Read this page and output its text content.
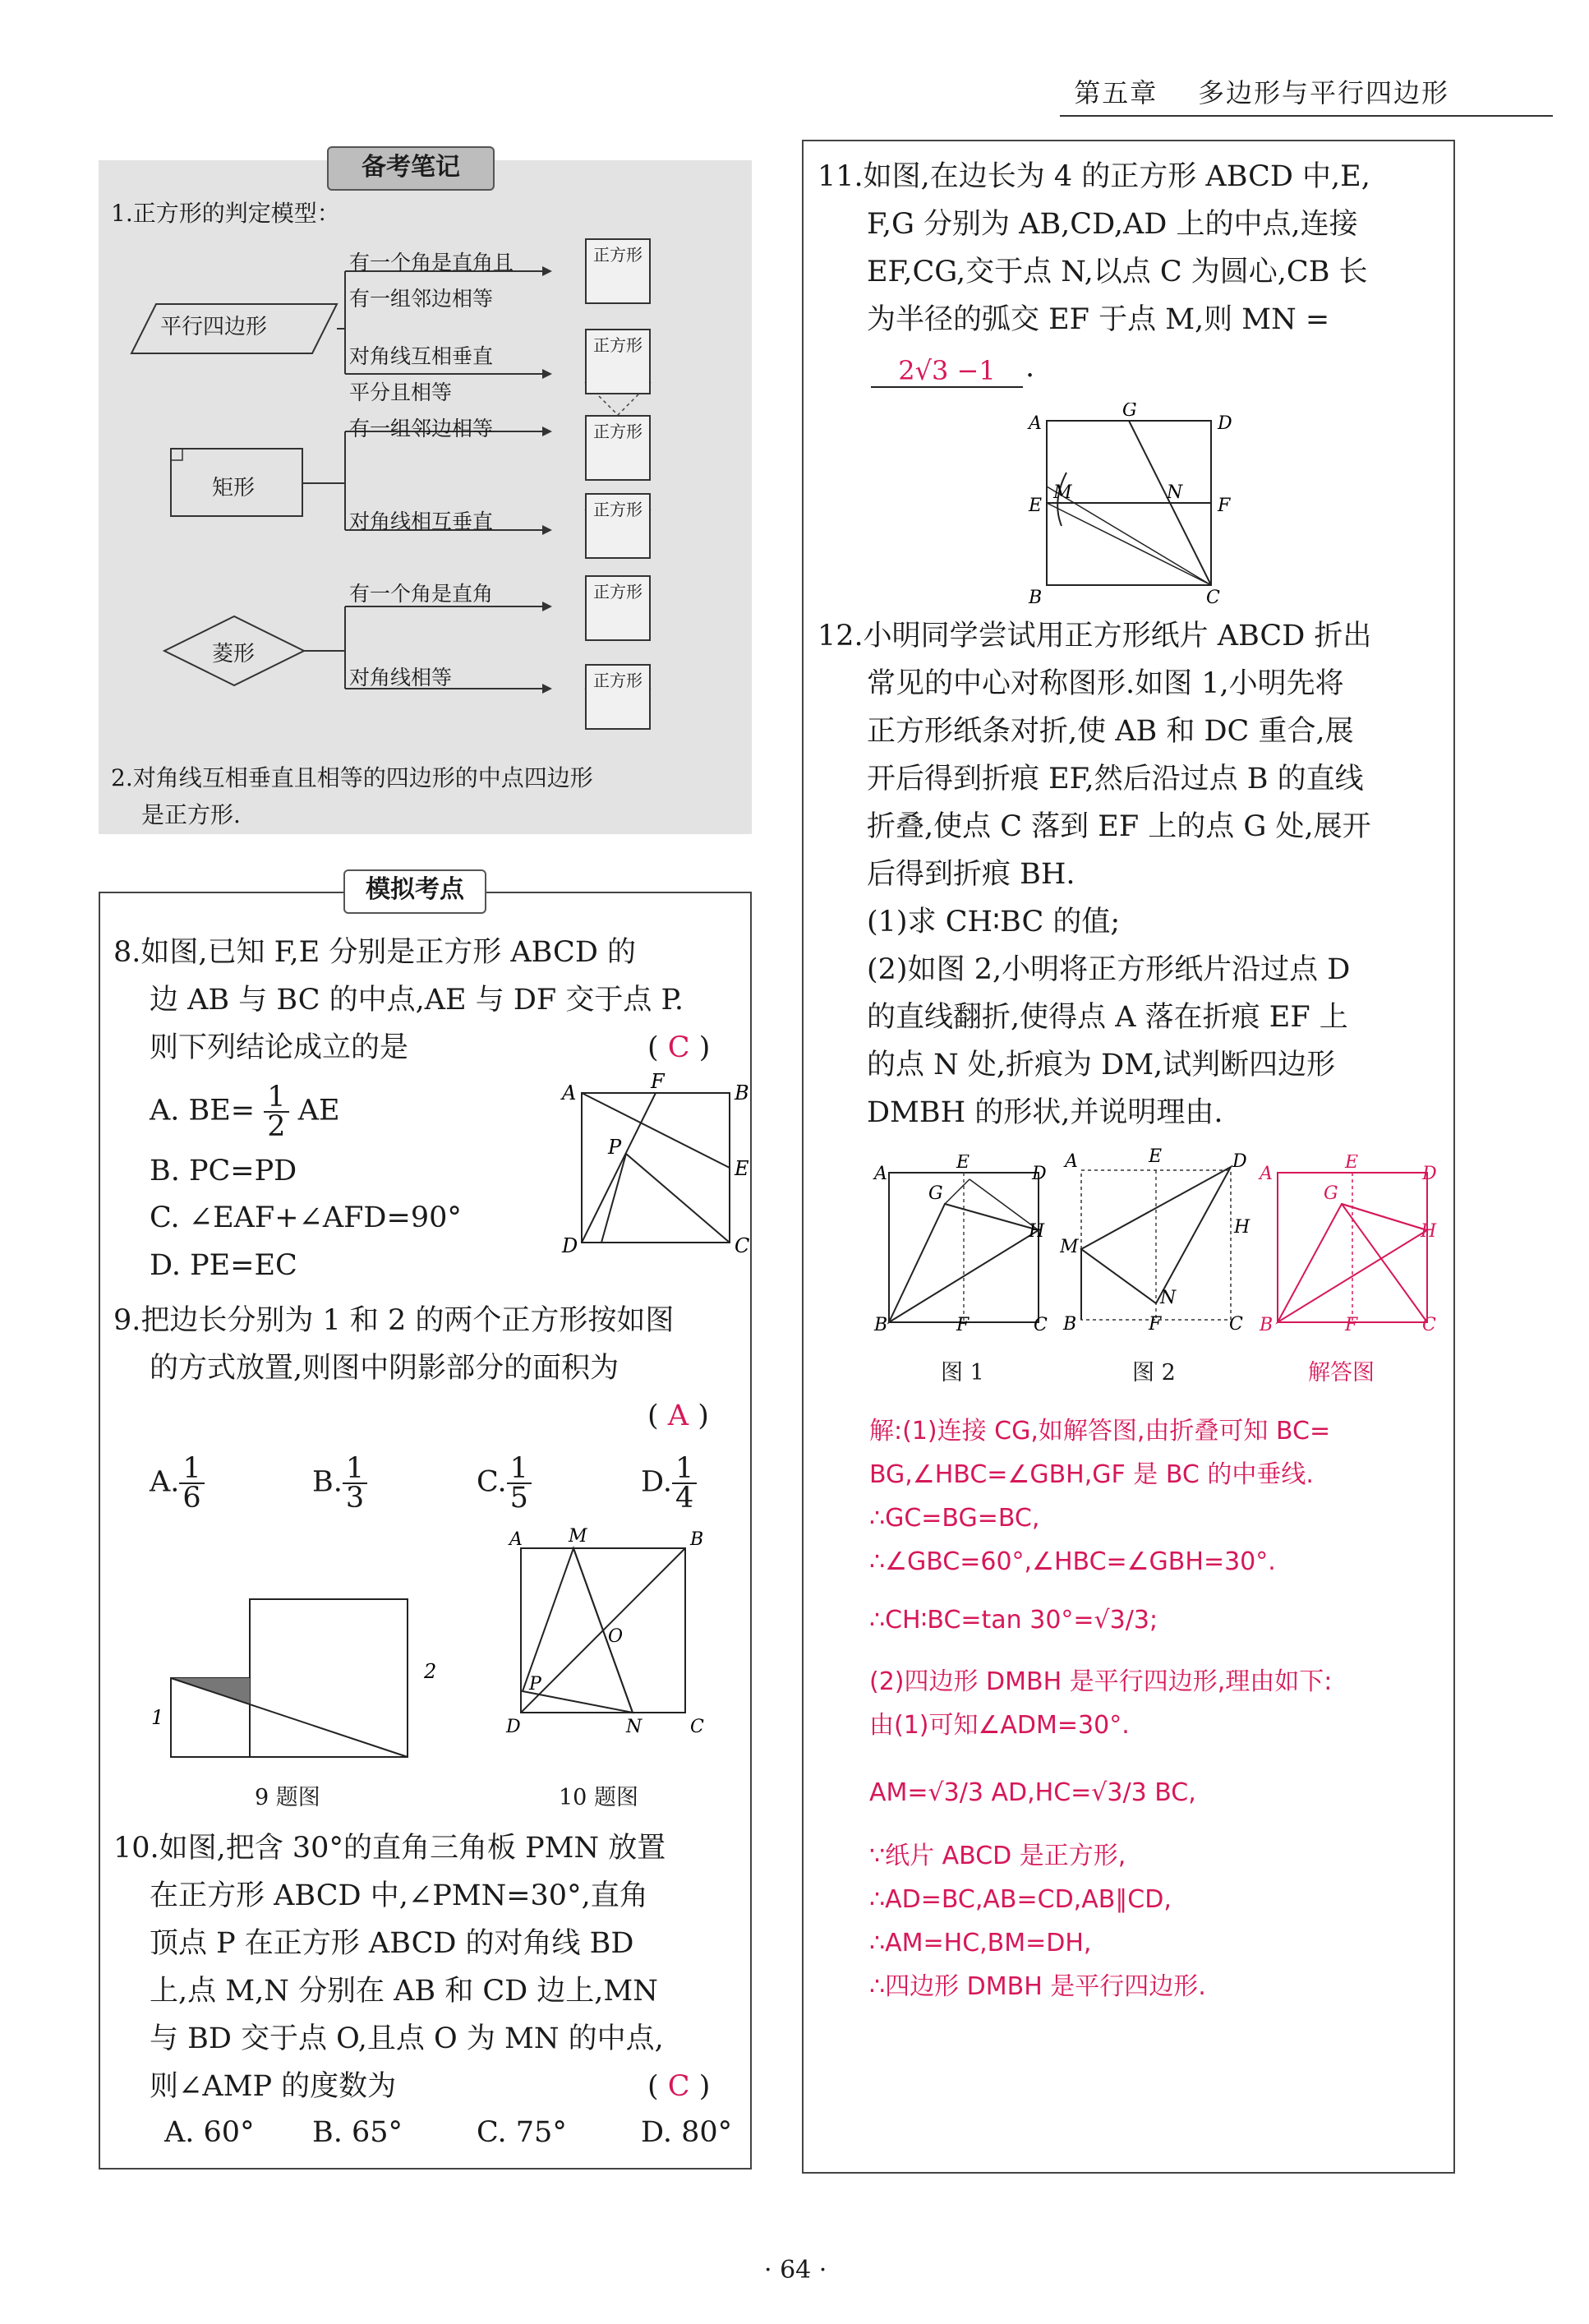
第五章 多边形与平行四边形
备考笔记
1.正方形的判定模型：
平行四边形
矩形
菱形
有一个角是直角且
有一组邻边相等
对角线互相垂直
平分且相等
有一组邻边相等
对角线相互垂直
有一个角是直角
对角线相等
正方形
正方形
正方形
正方形
正方形
正方形
2.对角线互相垂直且相等的四边形的中点四边形
是正方形.
模拟考点
8.如图,已知 F,E 分别是正方形 ABCD 的
边 AB 与 BC 的中点,AE 与 DF 交于点 P.
则下列结论成立的是	( C )
A. $BE= \frac{1}{2}$ AE
B. PC=PD
C. ∠EAF+∠AFD=90°
D. PE=EC
A	F	B
P
E
C
D
9.把边长分别为 1 和 2 的两个正方形按如图
的方式放置,则图中阴影部分的面积为
( A )
A. $\frac{1}{6}$	B. $\frac{1}{3}$	C. $\frac{1}{5}$	D. $\frac{1}{4}$
1
2
9 题图
A	M	B
O
P
D	N	C
10 题图
10.如图,把含 30°的直角三角板 PMN 放置
在正方形 ABCD 中,∠PMN=30°,直角
顶点 P 在正方形 ABCD 的对角线 BD
上,点 M,N 分别在 AB 和 CD 边上,MN
与 BD 交于点 O,且点 O 为 MN 的中点,
则∠AMP 的度数为	( C )
A. 60° B. 65°	C. 75°	D. 80°
11.如图,在边长为 4 的正方形 ABCD 中,E,
F,G 分别为 AB,CD,AD 上的中点,连接
EF,CG,交于点 N,以点 C 为圆心,CB 长
为半径的弧交 EF 于点 M,则 MN =
2√3 −1	.
A
G
D
M
E
N
F
B	C
12.小明同学尝试用正方形纸片 ABCD 折出
常见的中心对称图形.如图 1,小明先将
正方形纸条对折,使 AB 和 DC 重合,展
开后得到折痕 EF,然后沿过点 B 的直线
折叠,使点 C 落到 EF 上的点 G 处,展开
后得到折痕 BH.
(1)求 CH∶BC 的值;
(2)如图 2,小明将正方形纸片沿过点 D
的直线翻折,使得点 A 落在折痕 EF 上
的点 N 处,折痕为 DM,试判断四边形
DMBH 的形状,并说明理由.
A
E
D
G
H
B	F	C
A	E	D
H
M
N
B	F	C
A
E
D
G
H
B	F	C
图 1	图 2	解答图
解:(1)连接 CG,如解答图,由折叠可知 BC=
BG,∠HBC=∠GBH,GF 是 BC 的中垂线.
∴GC=BG=BC,
∴∠GBC=60°,∠HBC=∠GBH=30°.
∴CH∶BC=tan 30°=√3/3;
(2)四边形 DMBH 是平行四边形,理由如下:
由(1)可知∠ADM=30°.
AM=√3/3 AD,HC=√3/3 BC,
∵纸片 ABCD 是正方形,
∴AD=BC,AB=CD,AB∥CD,
∴AM=HC,BM=DH,
∴四边形 DMBH 是平行四边形.
· 64 ·
